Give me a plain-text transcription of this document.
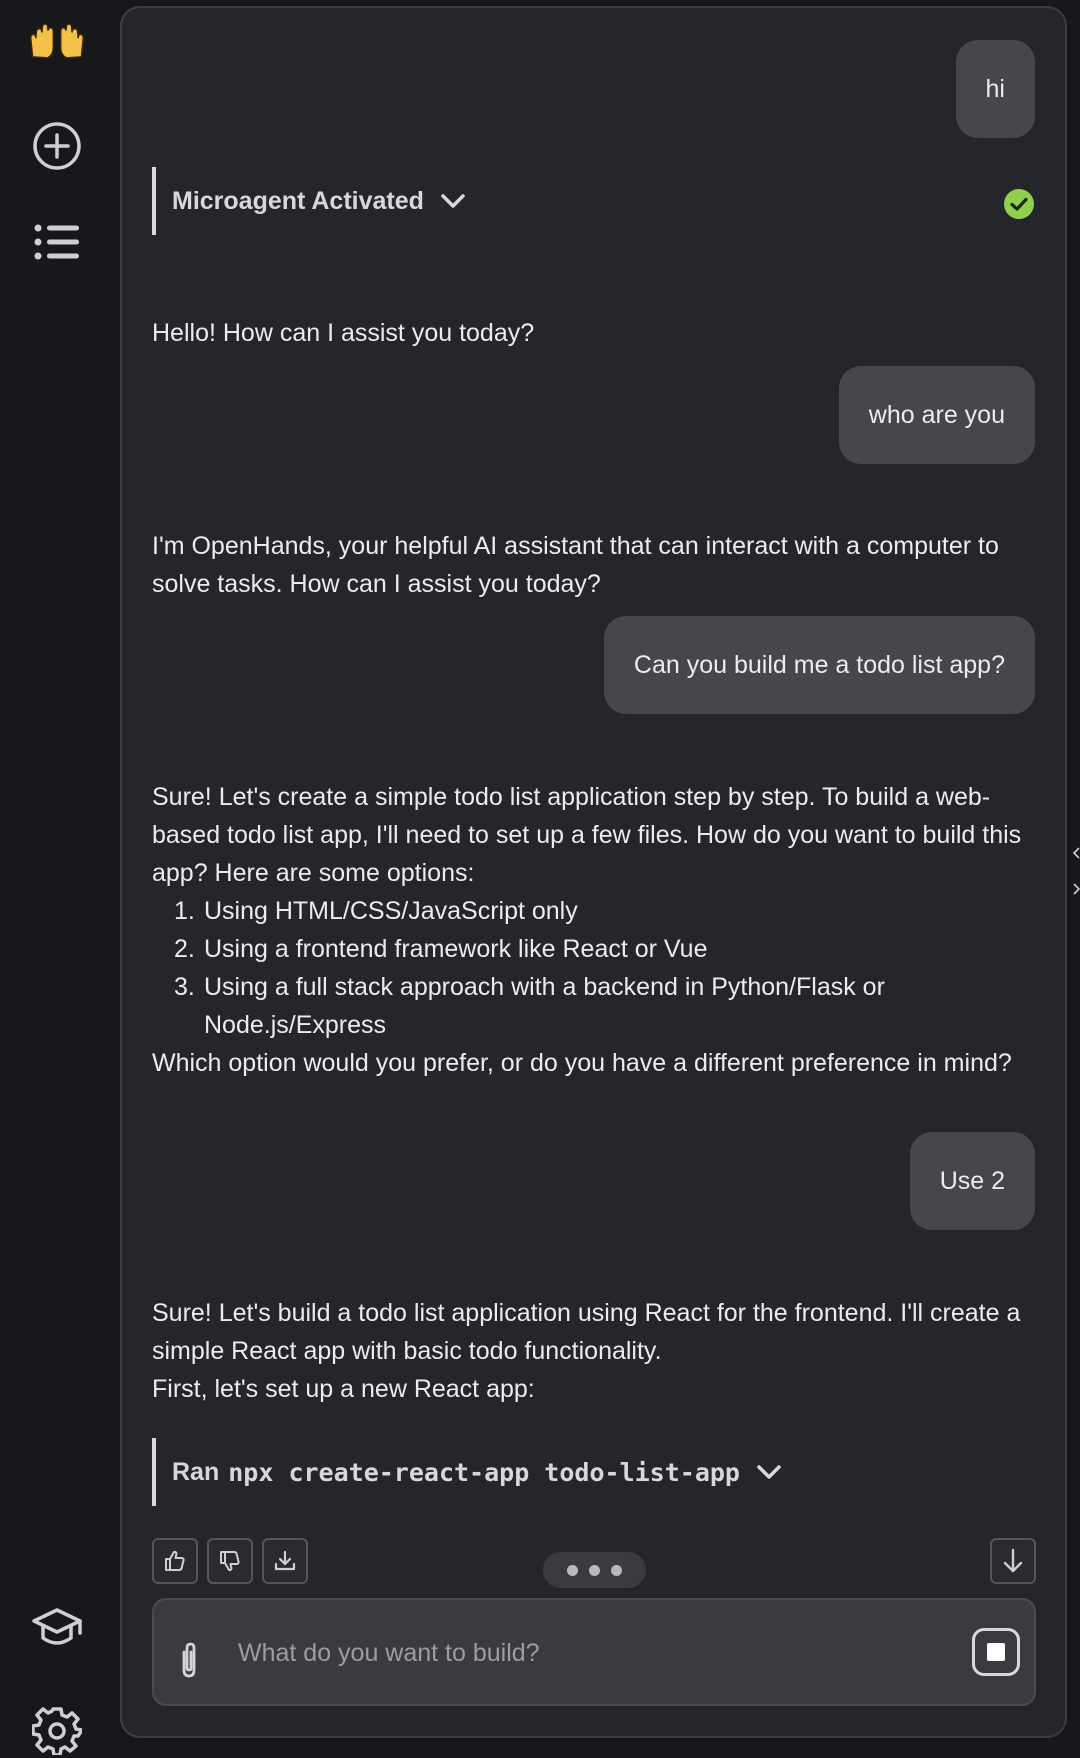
hi
Microagent Activated

Hello! How can I assist you today?

who are you

I'm OpenHands, your helpful AI assistant that can interact with a computer to solve tasks. How can I assist you today?

Can you build me a todo list app?

Sure! Let's create a simple todo list application step by step. To build a web-based todo list app, I'll need to set up a few files. How do you want to build this app? Here are some options:

1. Using HTML/CSS/JavaScript only
2. Using a frontend framework like React or Vue
3. Using a full stack approach with a backend in Python/Flask or Node.js/Express

Which option would you prefer, or do you have a different preference in mind?

Use 2

Sure! Let's build a todo list application using React for the frontend. I'll create a simple React app with basic todo functionality.

First, let's set up a new React app:

Ran npx create-react-app todo-list-app
What do you want to build?
